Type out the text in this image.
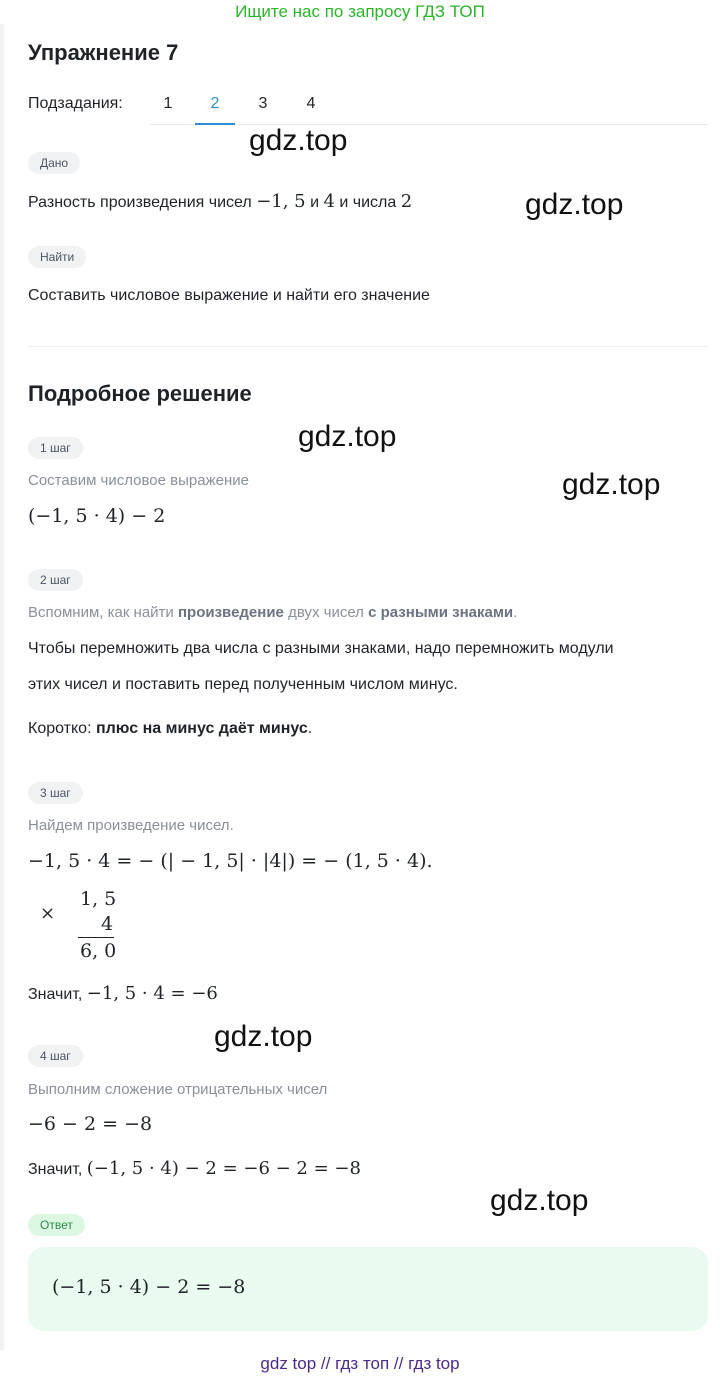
Ищите нас по запросу ГДЗ ТОП
Упражнение 7
Подзадания:	1	2	3	4
Дано
Разность произведения чисел −1, 5 и 4 и числа 2
Найти
Составить числовое выражение и найти его значение
Подробное решение
1 шаг
Составим числовое выражение
(−1, 5 · 4) − 2
2 шаг
Вспомним, как найти произведение двух чисел с разными знаками.
Чтобы перемножить два числа с разными знаками, надо перемножить модули
этих чисел и поставить перед полученным числом минус.
Коротко: плюс на минус даёт минус.
3 шаг
Найдем произведение чисел.
−1, 5 · 4 = − (| − 1, 5| · |4|) = − (1, 5 · 4).
×
1, 5
4
6, 0
Значит, −1, 5 · 4 = −6
4 шаг
Выполним сложение отрицательных чисел
−6 − 2 = −8
Значит, (−1, 5 · 4) − 2 = −6 − 2 = −8
Ответ
(−1, 5 · 4) − 2 = −8
gdz.top
gdz.top
gdz.top
gdz.top
gdz.top
gdz.top
gdz top // гдз топ // гдз top
